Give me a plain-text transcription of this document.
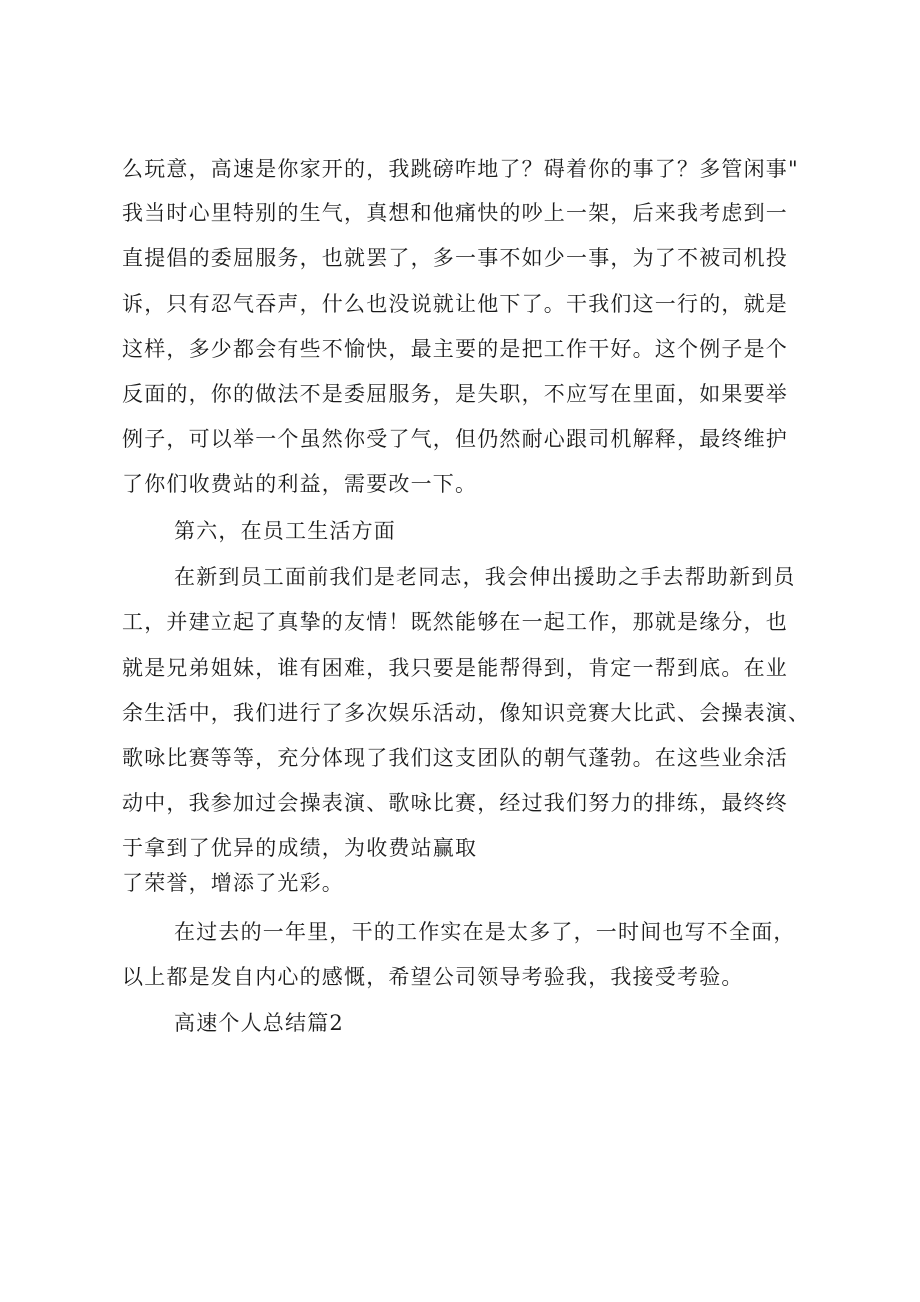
么玩意，高速是你家开的，我跳磅咋地了？碍着你的事了？多管闲事"
我当时心里特别的生气，真想和他痛快的吵上一架，后来我考虑到一
直提倡的委屈服务，也就罢了，多一事不如少一事，为了不被司机投
诉，只有忍气吞声，什么也没说就让他下了。干我们这一行的，就是
这样，多少都会有些不愉快，最主要的是把工作干好。这个例子是个
反面的，你的做法不是委屈服务，是失职，不应写在里面，如果要举
例子，可以举一个虽然你受了气，但仍然耐心跟司机解释，最终维护
了你们收费站的利益，需要改一下。
第六，在员工生活方面
在新到员工面前我们是老同志，我会伸出援助之手去帮助新到员
工，并建立起了真挚的友情！既然能够在一起工作，那就是缘分，也
就是兄弟姐妹，谁有困难，我只要是能帮得到，肯定一帮到底。在业
余生活中，我们进行了多次娱乐活动，像知识竞赛大比武、会操表演、
歌咏比赛等等，充分体现了我们这支团队的朝气蓬勃。在这些业余活
动中，我参加过会操表演、歌咏比赛，经过我们努力的排练，最终终
于拿到了优异的成绩，为收费站赢取
了荣誉，增添了光彩。
在过去的一年里，干的工作实在是太多了，一时间也写不全面，
以上都是发自内心的感慨，希望公司领导考验我，我接受考验。
高速个人总结篇2
